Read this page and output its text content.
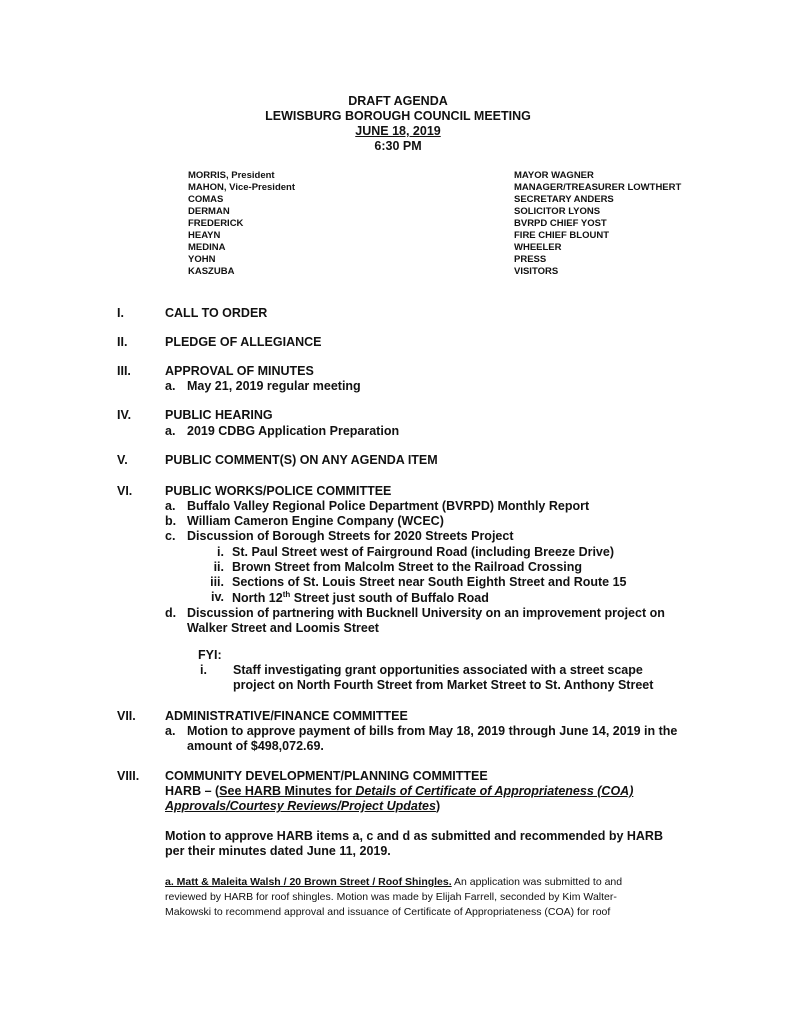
DRAFT AGENDA
LEWISBURG BOROUGH COUNCIL MEETING
JUNE 18, 2019
6:30 PM
MORRIS, President
MAHON, Vice-President
COMAS
DERMAN
FREDERICK
HEAYN
MEDINA
YOHN
KASZUBA
MAYOR WAGNER
MANAGER/TREASURER LOWTHERT
SECRETARY ANDERS
SOLICITOR LYONS
BVRPD CHIEF YOST
FIRE CHIEF BLOUNT
WHEELER
PRESS
VISITORS
I.	CALL TO ORDER
II.	PLEDGE OF ALLEGIANCE
III.	APPROVAL OF MINUTES
a. May 21, 2019 regular meeting
IV.	PUBLIC HEARING
a. 2019 CDBG Application Preparation
V.	PUBLIC COMMENT(S) ON ANY AGENDA ITEM
VI.	PUBLIC WORKS/POLICE COMMITTEE
a. Buffalo Valley Regional Police Department (BVRPD) Monthly Report
b. William Cameron Engine Company (WCEC)
c. Discussion of Borough Streets for 2020 Streets Project
i. St. Paul Street west of Fairground Road (including Breeze Drive)
ii. Brown Street from Malcolm Street to the Railroad Crossing
iii. Sections of St. Louis Street near South Eighth Street and Route 15
iv. North 12th Street just south of Buffalo Road
d. Discussion of partnering with Bucknell University on an improvement project on
Walker Street and Loomis Street
FYI:
i. Staff investigating grant opportunities associated with a street scape
project on North Fourth Street from Market Street to St. Anthony Street
VII. ADMINISTRATIVE/FINANCE COMMITTEE
a. Motion to approve payment of bills from May 18, 2019 through June 14, 2019 in the
amount of $498,072.69.
VIII. COMMUNITY DEVELOPMENT/PLANNING COMMITTEE
HARB – (See HARB Minutes for Details of Certificate of Appropriateness (COA)
Approvals/Courtesy Reviews/Project Updates)
Motion to approve HARB items a, c and d as submitted and recommended by HARB
per their minutes dated June 11, 2019.
a. Matt & Maleita Walsh / 20 Brown Street / Roof Shingles. An application was submitted to and
reviewed by HARB for roof shingles. Motion was made by Elijah Farrell, seconded by Kim Walter-
Makowski to recommend approval and issuance of Certificate of Appropriateness (COA) for roof
